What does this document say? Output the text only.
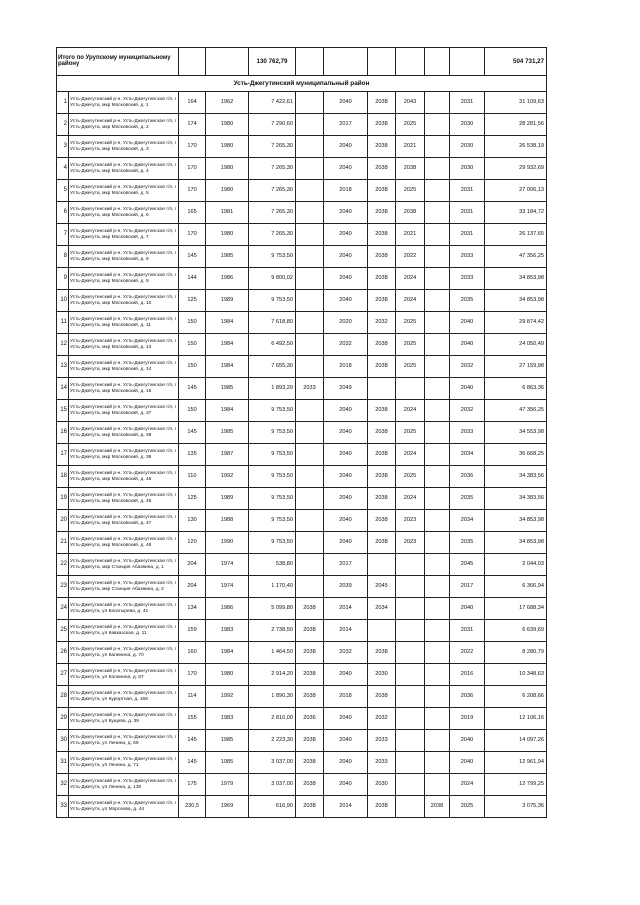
Итого по Урупскому муниципальному району				130 762,79							504 731,27
Усть-Джегутинский муниципальный район											
1	Усть-Джегутинский р-н, Усть-Джегутинское г/п, г Усть-Джегута, мкр Московский, д. 1	164	1962	7 422,61		2040	2038	2043		2031	31 109,63
2	Усть-Джегутинский р-н, Усть-Джегутинское г/п, г Усть-Джегута, мкр Московский, д. 2	174	1980	7 290,60		2017	2038	2025		2030	28 281,56
3	Усть-Джегутинский р-н, Усть-Джегутинское г/п, г Усть-Джегута, мкр Московский, д. 3	170	1980	7 265,30		2040	2038	2021		2030	26 538,19
4	Усть-Джегутинский р-н, Усть-Джегутинское г/п, г Усть-Джегута, мкр Московский, д. 4	170	1980	7 265,30		2040	2038	2038		2030	29 932,69
5	Усть-Джегутинский р-н, Усть-Джегутинское г/п, г Усть-Джегута, мкр Московский, д. 5	170	1980	7 265,30		2018	2038	2025		2031	27 006,13
6	Усть-Джегутинский р-н, Усть-Джегутинское г/п, г Усть-Джегута, мкр Московский, д. 6	165	1981	7 265,30		2040	2038	2038		2031	33 184,72
7	Усть-Джегутинский р-н, Усть-Джегутинское г/п, г Усть-Джегута, мкр Московский, д. 7	170	1980	7 265,30		2040	2038	2021		2031	26 137,65
8	Усть-Джегутинский р-н, Усть-Джегутинское г/п, г Усть-Джегута, мкр Московский, д. 8	145	1985	9 753,50		2040	2038	2022		2033	47 356,25
9	Усть-Джегутинский р-н, Усть-Джегутинское г/п, г Усть-Джегута, мкр Московский, д. 9	144	1986	9 800,02		2040	2038	2024		2033	34 853,98
10	Усть-Джегутинский р-н, Усть-Джегутинское г/п, г Усть-Джегута, мкр Московский, д. 10	125	1989	9 753,50		2040	2038	2024		2035	34 853,98
11	Усть-Джегутинский р-н, Усть-Джегутинское г/п, г Усть-Джегута, мкр Московский, д. 11	150	1984	7 618,80		2020	2032	2025		2040	29 874,42
12	Усть-Джегутинский р-н, Усть-Джегутинское г/п, г Усть-Джегута, мкр Московский, д. 13	150	1984	6 492,50		2032	2038	2025		2040	24 050,49
13	Усть-Джегутинский р-н, Усть-Джегутинское г/п, г Усть-Джегута, мкр Московский, д. 14	150	1984	7 655,30		2018	2038	2025		2032	27 159,98
14	Усть-Джегутинский р-н, Усть-Джегутинское г/п, г Усть-Джегута, мкр Московский, д. 16	145	1985	1 893,20	2033	2049				2040	6 863,36
15	Усть-Джегутинский р-н, Усть-Джегутинское г/п, г Усть-Джегута, мкр Московский, д. 37	150	1984	9 753,50		2040	2038	2024		2032	47 356,25
16	Усть-Джегутинский р-н, Усть-Джегутинское г/п, г Усть-Джегута, мкр Московский, д. 38	145	1985	9 753,50		2040	2038	2025		2033	34 553,98
17	Усть-Джегутинский р-н, Усть-Джегутинское г/п, г Усть-Джегута, мкр Московский, д. 39	135	1987	9 753,50		2040	2038	2024		2034	36 668,25
18	Усть-Джегутинский р-н, Усть-Джегутинское г/п, г Усть-Джегута, мкр Московский, д. 45	110	1992	9 753,50		2040	2038	2025		2036	34 383,56
19	Усть-Джегутинский р-н, Усть-Джегутинское г/п, г Усть-Джегута, мкр Московский, д. 46	125	1989	9 753,50		2040	2038	2024		2035	34 383,56
20	Усть-Джегутинский р-н, Усть-Джегутинское г/п, г Усть-Джегута, мкр Московский, д. 47	130	1988	9 753,50		2040	2038	2023		2034	34 853,98
21	Усть-Джегутинский р-н, Усть-Джегутинское г/п, г Усть-Джегута, мкр Московский, д. 48	120	1990	9 753,50		2040	2038	2023		2035	34 853,98
22	Усть-Джегутинский р-н, Усть-Джегутинское г/п, г Усть-Джегута, мкр Станция Абазвина, д. 1	204	1974	538,80		2017				2045	2 044,03
23	Усть-Джегутинский р-н, Усть-Джегутинское г/п, г Усть-Джегута, мкр Станция Абазвина, д. 2	204	1974	1 170,40		2039	2045			2017	6 366,94
24	Усть-Джегутинский р-н, Усть-Джегутинское г/п, г Усть-Джегута, ул Богатырева, д. 41	134	1986	5 099,80	2038	2014	2034			2040	17 688,34
25	Усть-Джегутинский р-н, Усть-Джегутинское г/п, г Усть-Джегута, ул Кавказская, д. 11	159	1983	2 738,50	2038	2014				2031	6 639,69
26	Усть-Джегутинский р-н, Усть-Джегутинское г/п, г Усть-Джегута, ул Калинина, д. 70	160	1984	1 464,50	2038	2032	2038			2022	8 280,79
27	Усть-Джегутинский р-н, Усть-Джегутинское г/п, г Усть-Джегута, ул Калинина, д. 87	170	1980	2 914,20	2038	2040	2030			2016	10 348,63
28	Усть-Джегутинский р-н, Усть-Джегутинское г/п, г Усть-Джегута, ул Курортная, д. 166	114	1992	1 890,30	2038	2018	2038			2036	6 208,66
29	Усть-Джегутинский р-н, Усть-Джегутинское г/п, г Усть-Джегута, ул Кущева, д. 39	155	1983	2 810,00	2036	2040	2032			2019	12 106,16
30	Усть-Джегутинский р-н, Усть-Джегутинское г/п, г Усть-Джегута, ул Ленина, д. 69	145	1985	2 223,30	2038	2040	2033			2040	14 097,26
31	Усть-Джегутинский р-н, Усть-Джегутинское г/п, г Усть-Джегута, ул Ленина, д. 71	145	1985	3 037,00	2038	2040	2033			2040	12 961,94
32	Усть-Джегутинский р-н, Усть-Джегутинское г/п, г Усть-Джегута, ул Ленина, д. 130	175	1979	3 037,00	2038	2040	2030			2024	12 799,25
33	Усть-Джегутинский р-н, Усть-Джегутинское г/п, г Усть-Джегута, ул Морозова, д. 44	230,5	1969	616,90	2038	2014	2038		2038	2025	3 075,36
